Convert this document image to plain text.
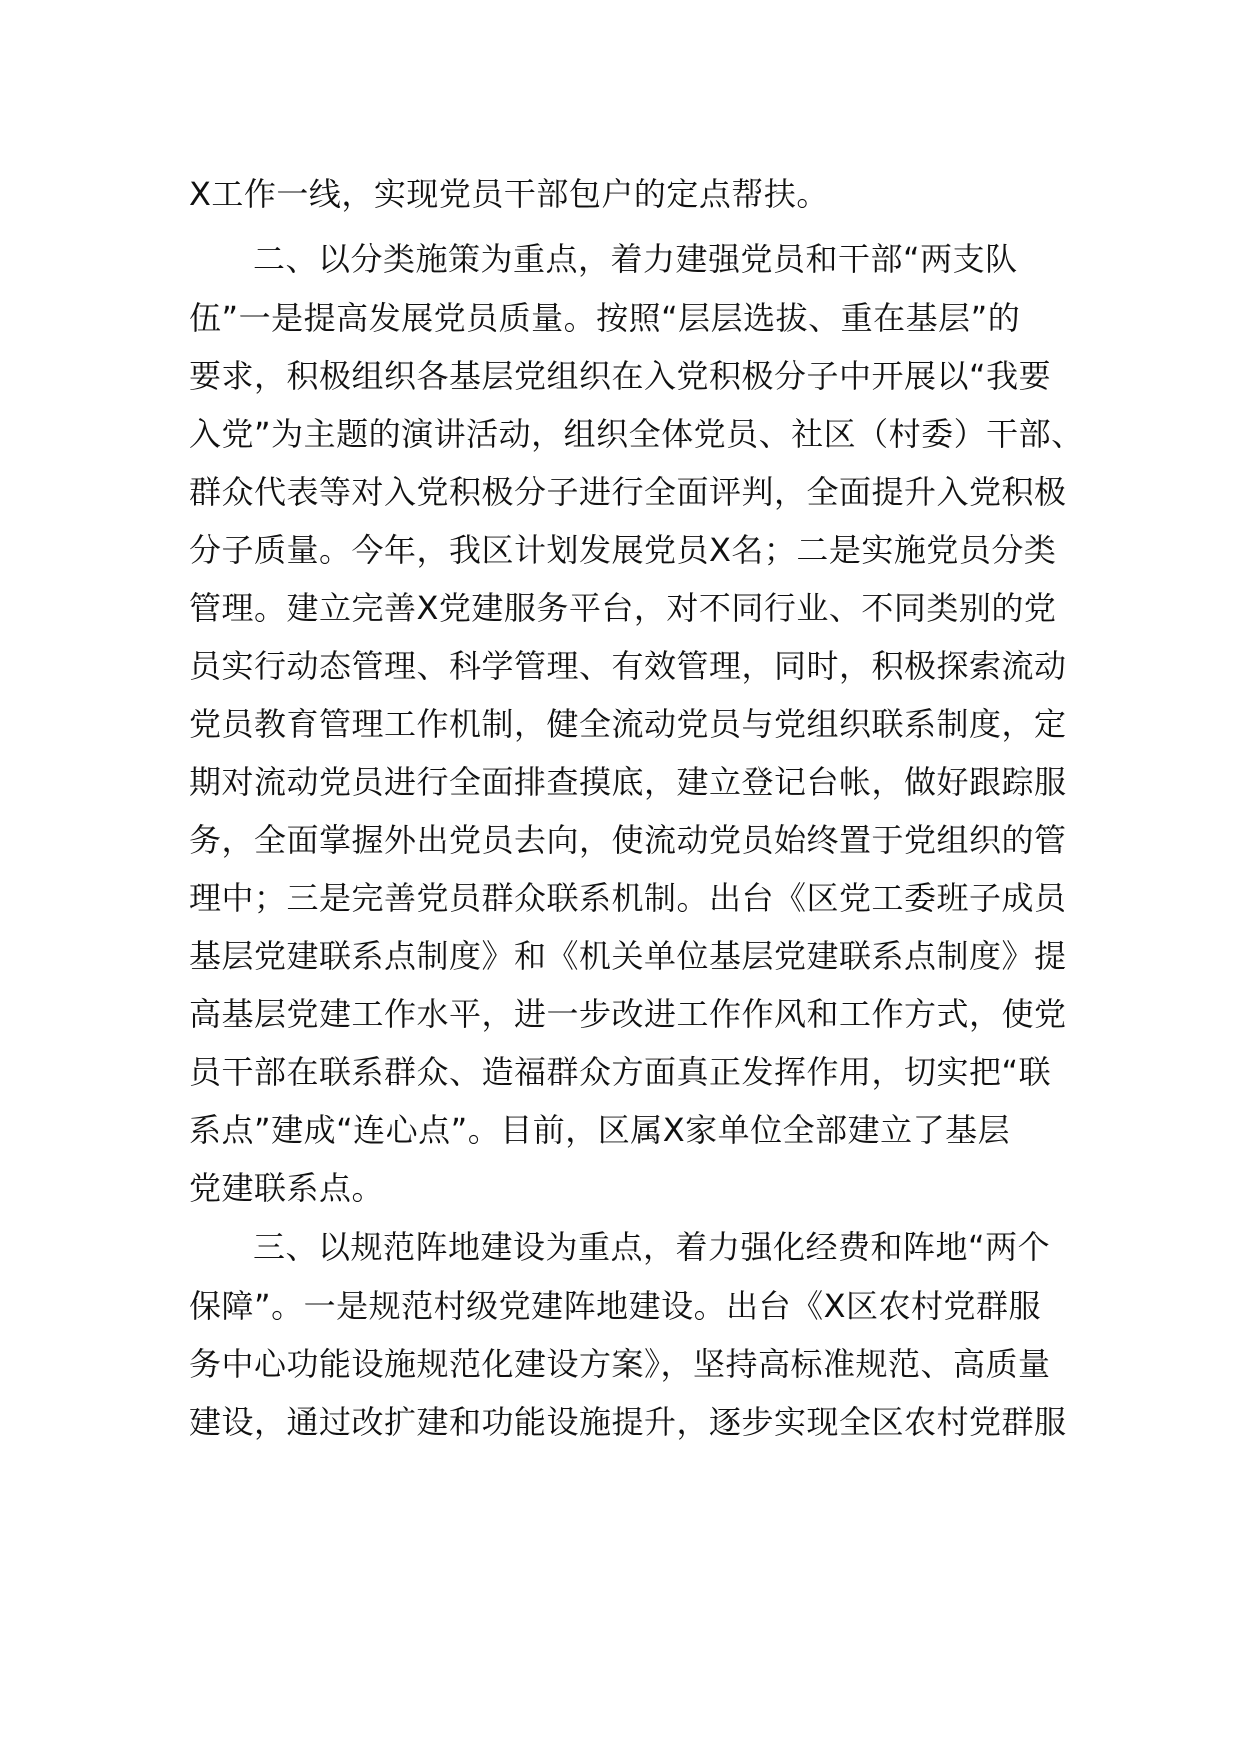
X工作一线，实现党员干部包户的定点帮扶。
二、以分类施策为重点，着力建强党员和干部“两支队
伍”一是提高发展党员质量。按照“层层选拔、重在基层”的
要求，积极组织各基层党组织在入党积极分子中开展以“我要
入党”为主题的演讲活动，组织全体党员、社区（村委）干部、
群众代表等对入党积极分子进行全面评判，全面提升入党积极
分子质量。今年，我区计划发展党员X名；二是实施党员分类
管理。建立完善X党建服务平台，对不同行业、不同类别的党
员实行动态管理、科学管理、有效管理，同时，积极探索流动
党员教育管理工作机制，健全流动党员与党组织联系制度，定
期对流动党员进行全面排查摸底，建立登记台帐，做好跟踪服
务，全面掌握外出党员去向，使流动党员始终置于党组织的管
理中；三是完善党员群众联系机制。出台《区党工委班子成员
基层党建联系点制度》和《机关单位基层党建联系点制度》提
高基层党建工作水平，进一步改进工作作风和工作方式，使党
员干部在联系群众、造福群众方面真正发挥作用，切实把“联
系点”建成“连心点”。目前，区属X家单位全部建立了基层
党建联系点。
三、以规范阵地建设为重点，着力强化经费和阵地“两个
保障”。一是规范村级党建阵地建设。出台《X区农村党群服
务中心功能设施规范化建设方案》，坚持高标准规范、高质量
建设，通过改扩建和功能设施提升，逐步实现全区农村党群服
